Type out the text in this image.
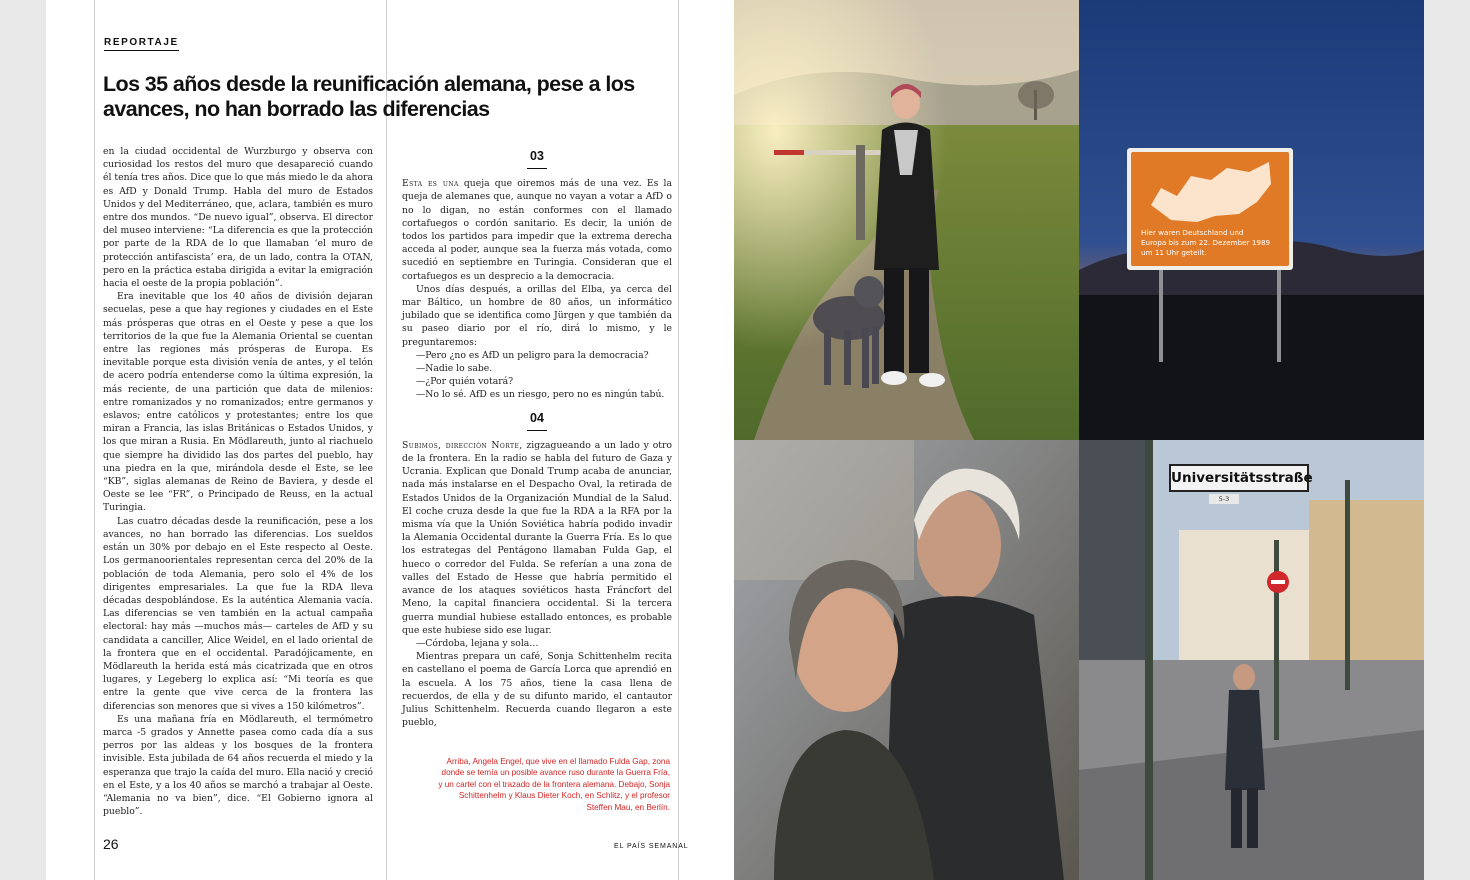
REPORTAJE
Los 35 años desde la reunificación alemana, pese a los avances, no han borrado las diferencias

en la ciudad occidental de Wurzburgo y observa con curiosidad los restos del muro que desapareció cuando él tenía tres años. Dice que lo que más miedo le da ahora es AfD y Donald Trump. Habla del muro de Estados Unidos y del Mediterráneo, que, aclara, también es muro entre dos mundos. “De nuevo igual”, observa. El director del museo interviene: “La diferencia es que la protección por parte de la RDA de lo que llamaban ‘el muro de protección antifascista’ era, de un lado, contra la OTAN, pero en la práctica estaba dirigida a evitar la emigración hacia el oeste de la propia población”.

Era inevitable que los 40 años de división dejaran secuelas, pese a que hay regiones y ciudades en el Este más prósperas que otras en el Oeste y pese a que los territorios de la que fue la Alemania Oriental se cuentan entre las regiones más prósperas de Europa. Es inevitable porque esta división venía de antes, y el telón de acero podría entenderse como la última expresión, la más reciente, de una partición que data de milenios: entre romanizados y no romanizados; entre germanos y eslavos; entre católicos y protestantes; entre los que miran a Francia, las islas Británicas o Estados Unidos, y los que miran a Rusia. En Mödlareuth, junto al riachuelo que siempre ha dividido las dos partes del pueblo, hay una piedra en la que, mirándola desde el Este, se lee “KB”, siglas alemanas de Reino de Baviera, y desde el Oeste se lee “FR”, o Principado de Reuss, en la actual Turingia.

Las cuatro décadas desde la reunificación, pese a los avances, no han borrado las diferencias. Los sueldos están un 30% por debajo en el Este respecto al Oeste. Los germanoorientales representan cerca del 20% de la población de toda Alemania, pero solo el 4% de los dirigentes empresariales. La que fue la RDA lleva décadas despoblándose. Es la auténtica Alemania vacía. Las diferencias se ven también en la actual campaña electoral: hay más —muchos más— carteles de AfD y su candidata a canciller, Alice Weidel, en el lado oriental de la frontera que en el occidental. Paradójicamente, en Mödlareuth la herida está más cicatrizada que en otros lugares, y Legeberg lo explica así: “Mi teoría es que entre la gente que vive cerca de la frontera las diferencias son menores que si vives a 150 kilómetros”.

Es una mañana fría en Mödlareuth, el termómetro marca -5 grados y Annette pasea como cada día a sus perros por las aldeas y los bosques de la frontera invisible. Esta jubilada de 64 años recuerda el miedo y la esperanza que trajo la caída del muro. Ella nació y creció en el Este, y a los 40 años se marchó a trabajar al Oeste. “Alemania no va bien”, dice. “El Gobierno ignora al pueblo”.

03

Esta es una queja que oiremos más de una vez. Es la queja de alemanes que, aunque no vayan a votar a AfD o no lo digan, no están conformes con el llamado cortafuegos o cordón sanitario. Es decir, la unión de todos los partidos para impedir que la extrema derecha acceda al poder, aunque sea la fuerza más votada, como sucedió en septiembre en Turingia. Consideran que el cortafuegos es un desprecio a la democracia.

Unos días después, a orillas del Elba, ya cerca del mar Báltico, un hombre de 80 años, un informático jubilado que se identifica como Jürgen y que también da su paseo diario por el río, dirá lo mismo, y le preguntaremos:

—Pero ¿no es AfD un peligro para la democracia?

—Nadie lo sabe.

—¿Por quién votará?

—No lo sé. AfD es un riesgo, pero no es ningún tabú.

04

Subimos, dirección Norte, zigzagueando a un lado y otro de la frontera. En la radio se habla del futuro de Gaza y Ucrania. Explican que Donald Trump acaba de anunciar, nada más instalarse en el Despacho Oval, la retirada de Estados Unidos de la Organización Mundial de la Salud. El coche cruza desde la que fue la RDA a la RFA por la misma vía que la Unión Soviética habría podido invadir la Alemania Occidental durante la Guerra Fría. Es lo que los estrategas del Pentágono llamaban Fulda Gap, el hueco o corredor del Fulda. Se referían a una zona de valles del Estado de Hesse que habría permitido el avance de los ataques soviéticos hasta Fráncfort del Meno, la capital financiera occidental. Si la tercera guerra mundial hubiese estallado entonces, es probable que este hubiese sido ese lugar.

—Córdoba, lejana y sola…

Mientras prepara un café, Sonja Schittenhelm recita en castellano el poema de García Lorca que aprendió en la escuela. A los 75 años, tiene la casa llena de recuerdos, de ella y de su difunto marido, el cantautor Julius Schittenhelm. Recuerda cuando llegaron a este pueblo,

Arriba, Angela Engel, que vive en el llamado Fulda Gap, zona donde se temía un posible avance ruso durante la Guerra Fría, y un cartel con el trazado de la frontera alemana. Debajo, Sonja Schittenhelm y Klaus Dieter Koch, en Schlitz, y el profesor Steffen Mau, en Berlín.
26	EL PAÍS SEMANAL
Hier waren Deutschland und
Europa bis zum 22. Dezember 1989
um 11 Uhr geteilt.
Universitätsstraße
5-3
